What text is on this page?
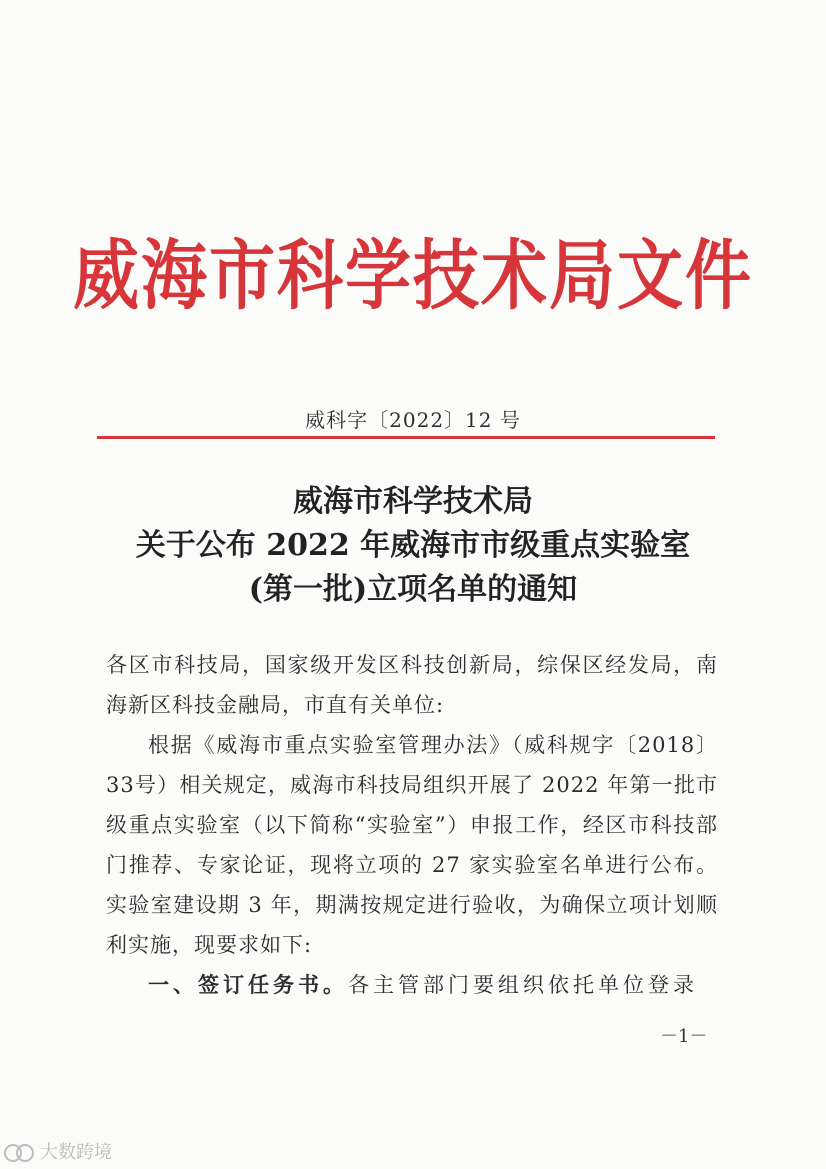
威海市科学技术局文件
威科字〔2022〕12 号
威海市科学技术局
关于公布 2022 年威海市市级重点实验室
(第一批)立项名单的通知

各区市科技局，国家级开发区科技创新局，综保区经发局，南海新区科技金融局，市直有关单位:

根据《威海市重点实验室管理办法》（威科规字〔2018〕33号）相关规定，威海市科技局组织开展了 2022 年第一批市级重点实验室（以下简称“实验室”）申报工作，经区市科技部门推荐、专家论证，现将立项的 27 家实验室名单进行公布。实验室建设期 3 年，期满按规定进行验收，为确保立项计划顺利实施，现要求如下:

一、签订任务书。各主管部门要组织依托单位登录

－1－
大数跨境
